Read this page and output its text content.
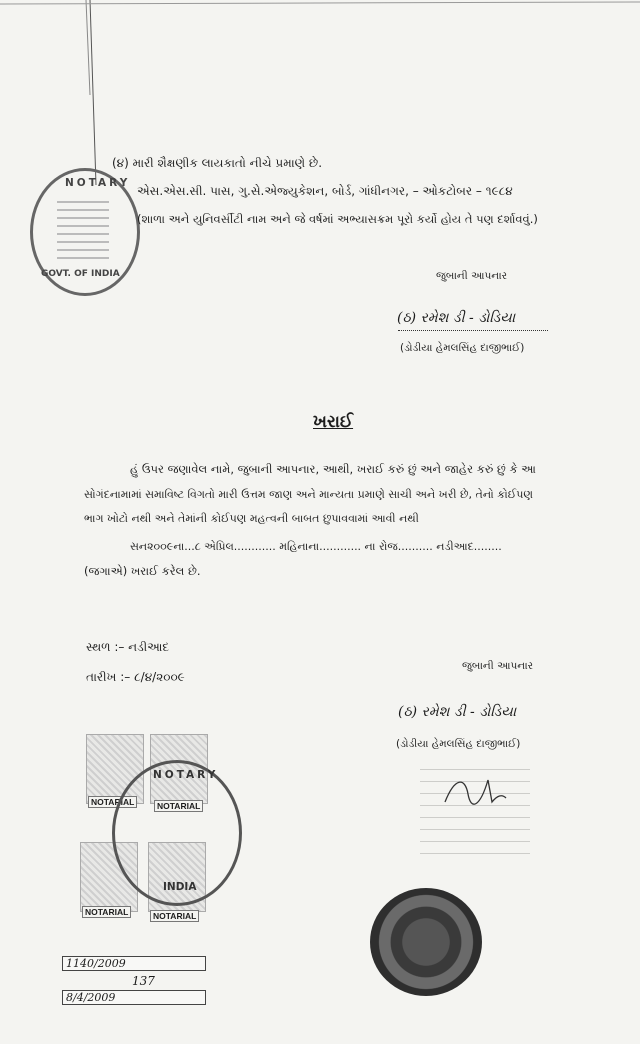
NOTARY
GOVT. OF INDIA
(૪) મારી શૈક્ષણીક લાયકાતો નીચે પ્રમાણે છે.
એસ.એસ.સી. પાસ, ગુ.સે.એજ્યુકેશન, બોર્ડ, ગાંધીનગર, – ઓકટોબર – ૧૯૮૪
(શાળા અને યુનિવર્સીટી નામ અને જે વર્ષમાં અભ્યાસક્રમ પૂરો કર્યો હોય તે પણ દર્શાવવું.)
જુબાની આપનાર
(ઠ) રમેશ ડી - ડોડિયા
(ડોડીયા હેમલસિંહ દાજીભાઈ)
ખરાઈ
હું ઉપર જણાવેલ નામે, જુબાની આપનાર, આથી, ખરાઈ કરું છું અને જાહેર કરું છું કે આ
સોગંદનામામાં સમાવિષ્ટ વિગતો મારી ઉત્તમ જાણ અને માન્યતા પ્રમાણે સાચી અને ખરી છે, તેનો કોઈપણ
ભાગ ખોટો નથી અને તેમાંની કોઈપણ મહત્વની બાબત છુપાવવામાં આવી નથી
સન૨૦૦૯ના...૮ એપ્રિલ............ મહિનાના............ ના રોજ.......... નડીઆદ........
(જગાએ) ખરાઈ કરેલ છે.
સ્થળ :– નડીઆદ
તારીખ :– ૮/૪/૨૦૦૯
જુબાની આપનાર
(ઠ) રમેશ ડી - ડોડિયા
(ડોડીયા હેમલસિંહ દાજીભાઈ)
NOTARIAL	NOTARIAL
NOTARIAL	NOTARIAL
NOTARY
INDIA
1140/2009
137
8/4/2009
